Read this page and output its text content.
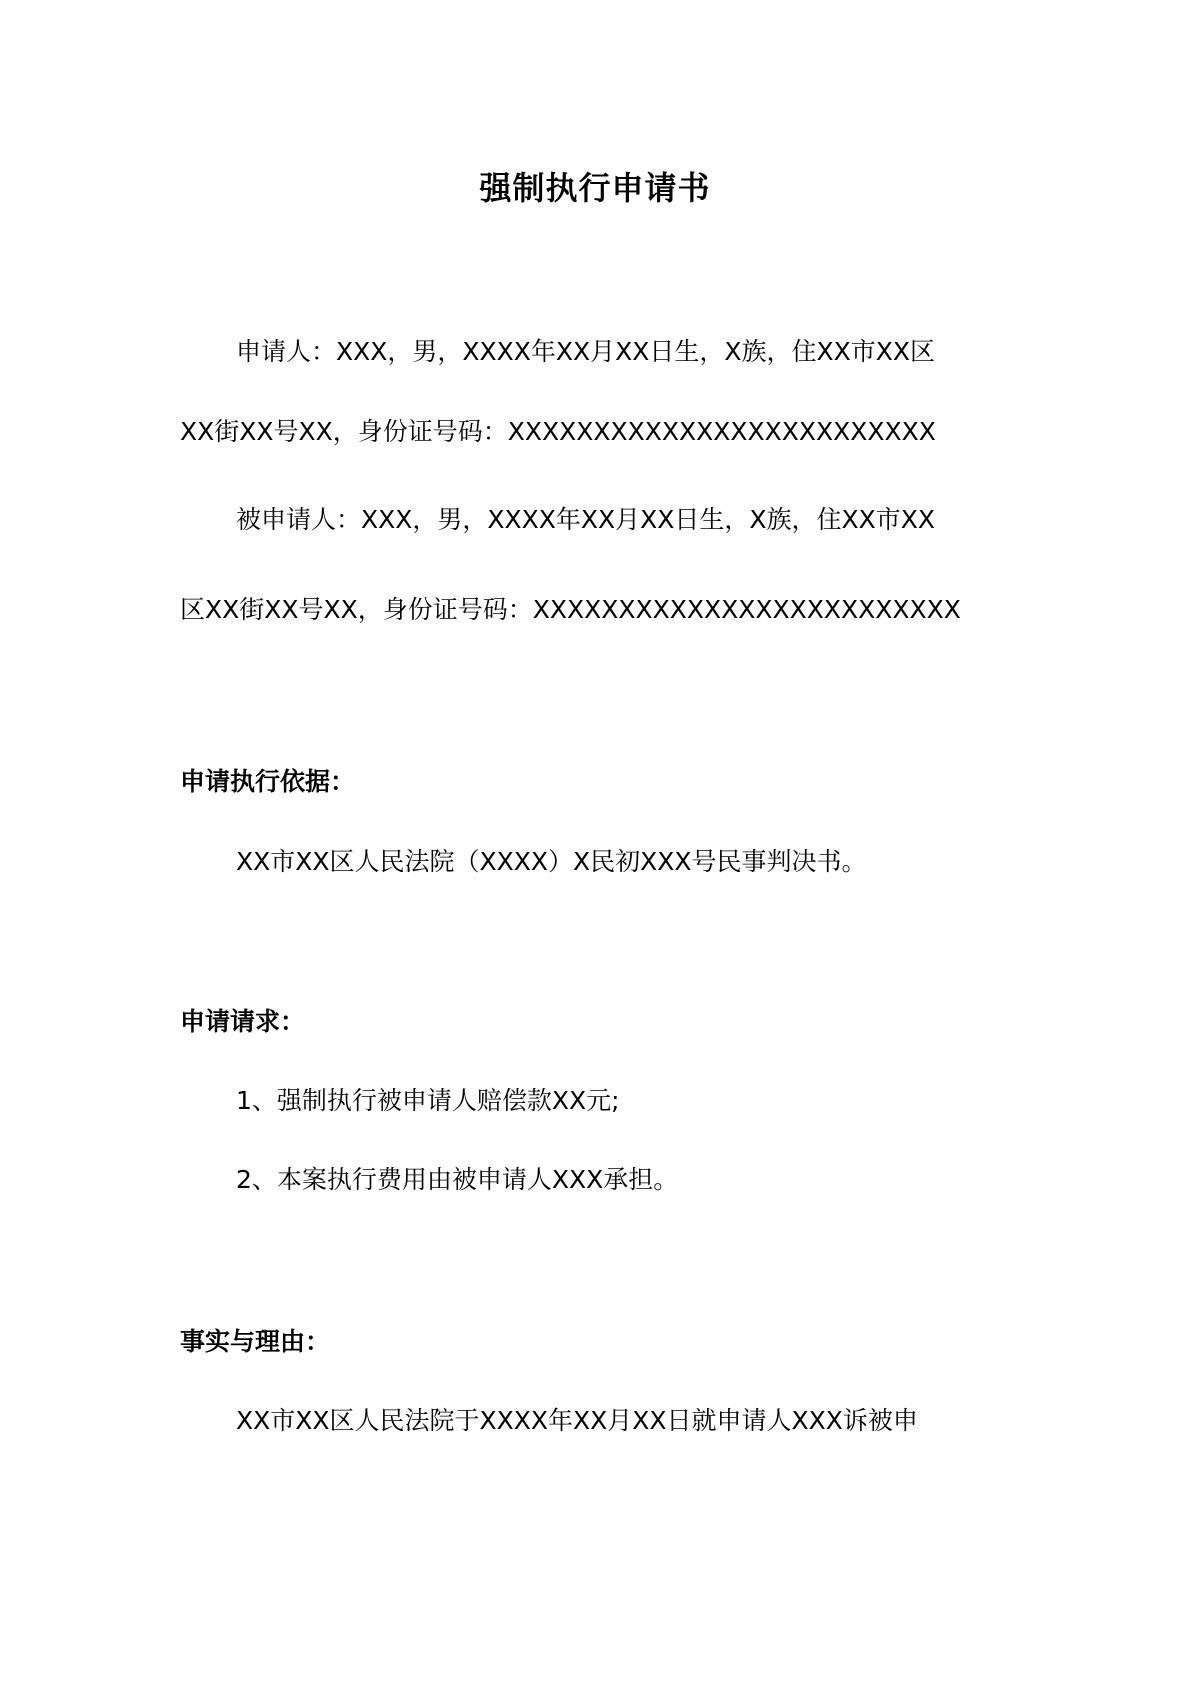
强制执行申请书
申请人：XXX，男，XXXX年XX月XX日生，X族，住XX市XX区
XX街XX号XX，身份证号码：XXXXXXXXXXXXXXXXXXXXXXXXX
被申请人：XXX，男，XXXX年XX月XX日生，X族，住XX市XX
区XX街XX号XX，身份证号码：XXXXXXXXXXXXXXXXXXXXXXXXX
申请执行依据：
XX市XX区人民法院（XXXX）X民初XXX号民事判决书。
申请请求：
1、强制执行被申请人赔偿款XX元;
2、本案执行费用由被申请人XXX承担。
事实与理由：
XX市XX区人民法院于XXXX年XX月XX日就申请人XXX诉被申
